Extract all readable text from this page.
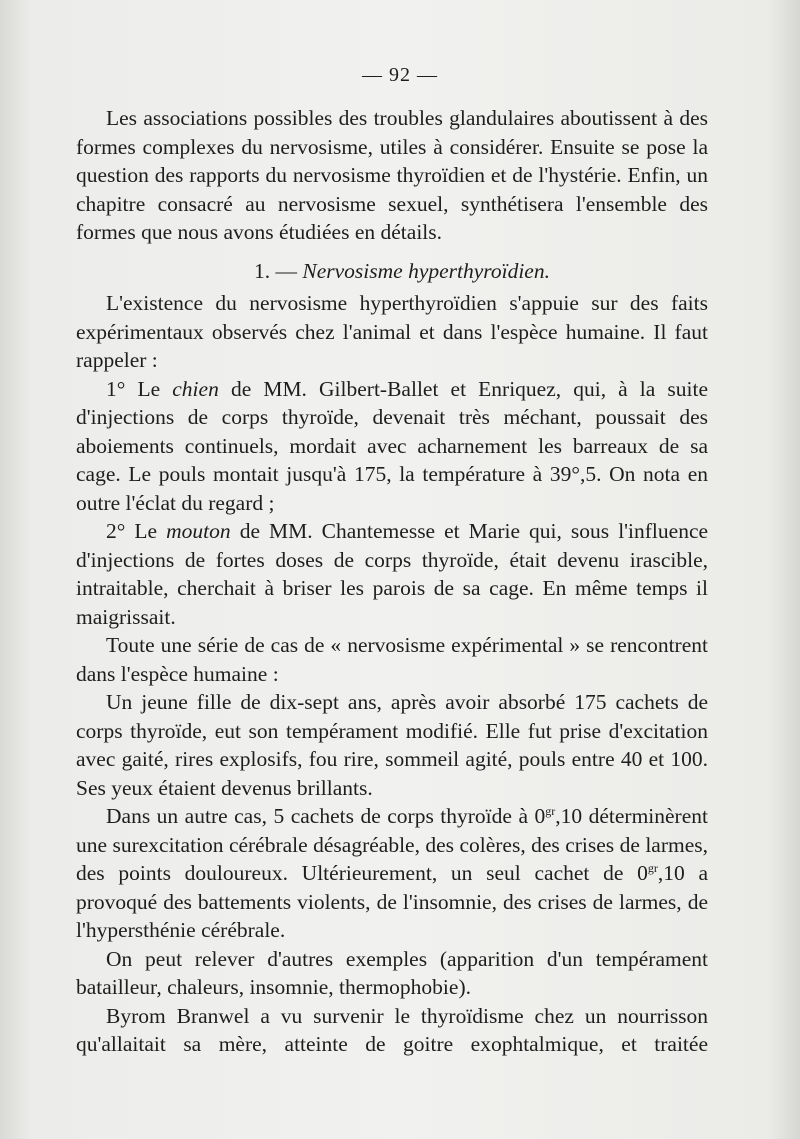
— 92 —

Les associations possibles des troubles glandulaires aboutissent à des formes complexes du nervosisme, utiles à considérer. Ensuite se pose la question des rapports du nervosisme thyroïdien et de l'hystérie. Enfin, un chapitre consacré au nervosisme sexuel, synthétisera l'ensemble des formes que nous avons étudiées en détails.

1. — Nervosisme hyperthyroïdien.

L'existence du nervosisme hyperthyroïdien s'appuie sur des faits expérimentaux observés chez l'animal et dans l'espèce humaine. Il faut rappeler :

1° Le chien de MM. Gilbert-Ballet et Enriquez, qui, à la suite d'injections de corps thyroïde, devenait très méchant, poussait des aboiements continuels, mordait avec acharnement les barreaux de sa cage. Le pouls montait jusqu'à 175, la température à 39°,5. On nota en outre l'éclat du regard ;

2° Le mouton de MM. Chantemesse et Marie qui, sous l'influence d'injections de fortes doses de corps thyroïde, était devenu irascible, intraitable, cherchait à briser les parois de sa cage. En même temps il maigrissait.

Toute une série de cas de « nervosisme expérimental » se rencontrent dans l'espèce humaine :

Un jeune fille de dix-sept ans, après avoir absorbé 175 cachets de corps thyroïde, eut son tempérament modifié. Elle fut prise d'excitation avec gaité, rires explosifs, fou rire, sommeil agité, pouls entre 40 et 100. Ses yeux étaient devenus brillants.

Dans un autre cas, 5 cachets de corps thyroïde à $0^{gr},10$ déterminèrent une surexcitation cérébrale désagréable, des colères, des crises de larmes, des points douloureux. Ultérieurement, un seul cachet de $0^{gr},10$ a provoqué des battements violents, de l'insomnie, des crises de larmes, de l'hypersthénie cérébrale.

On peut relever d'autres exemples (apparition d'un tempérament batailleur, chaleurs, insomnie, thermophobie).

Byrom Branwel a vu survenir le thyroïdisme chez un nourrisson qu'allaitait sa mère, atteinte de goitre exophtalmique, et traitée
